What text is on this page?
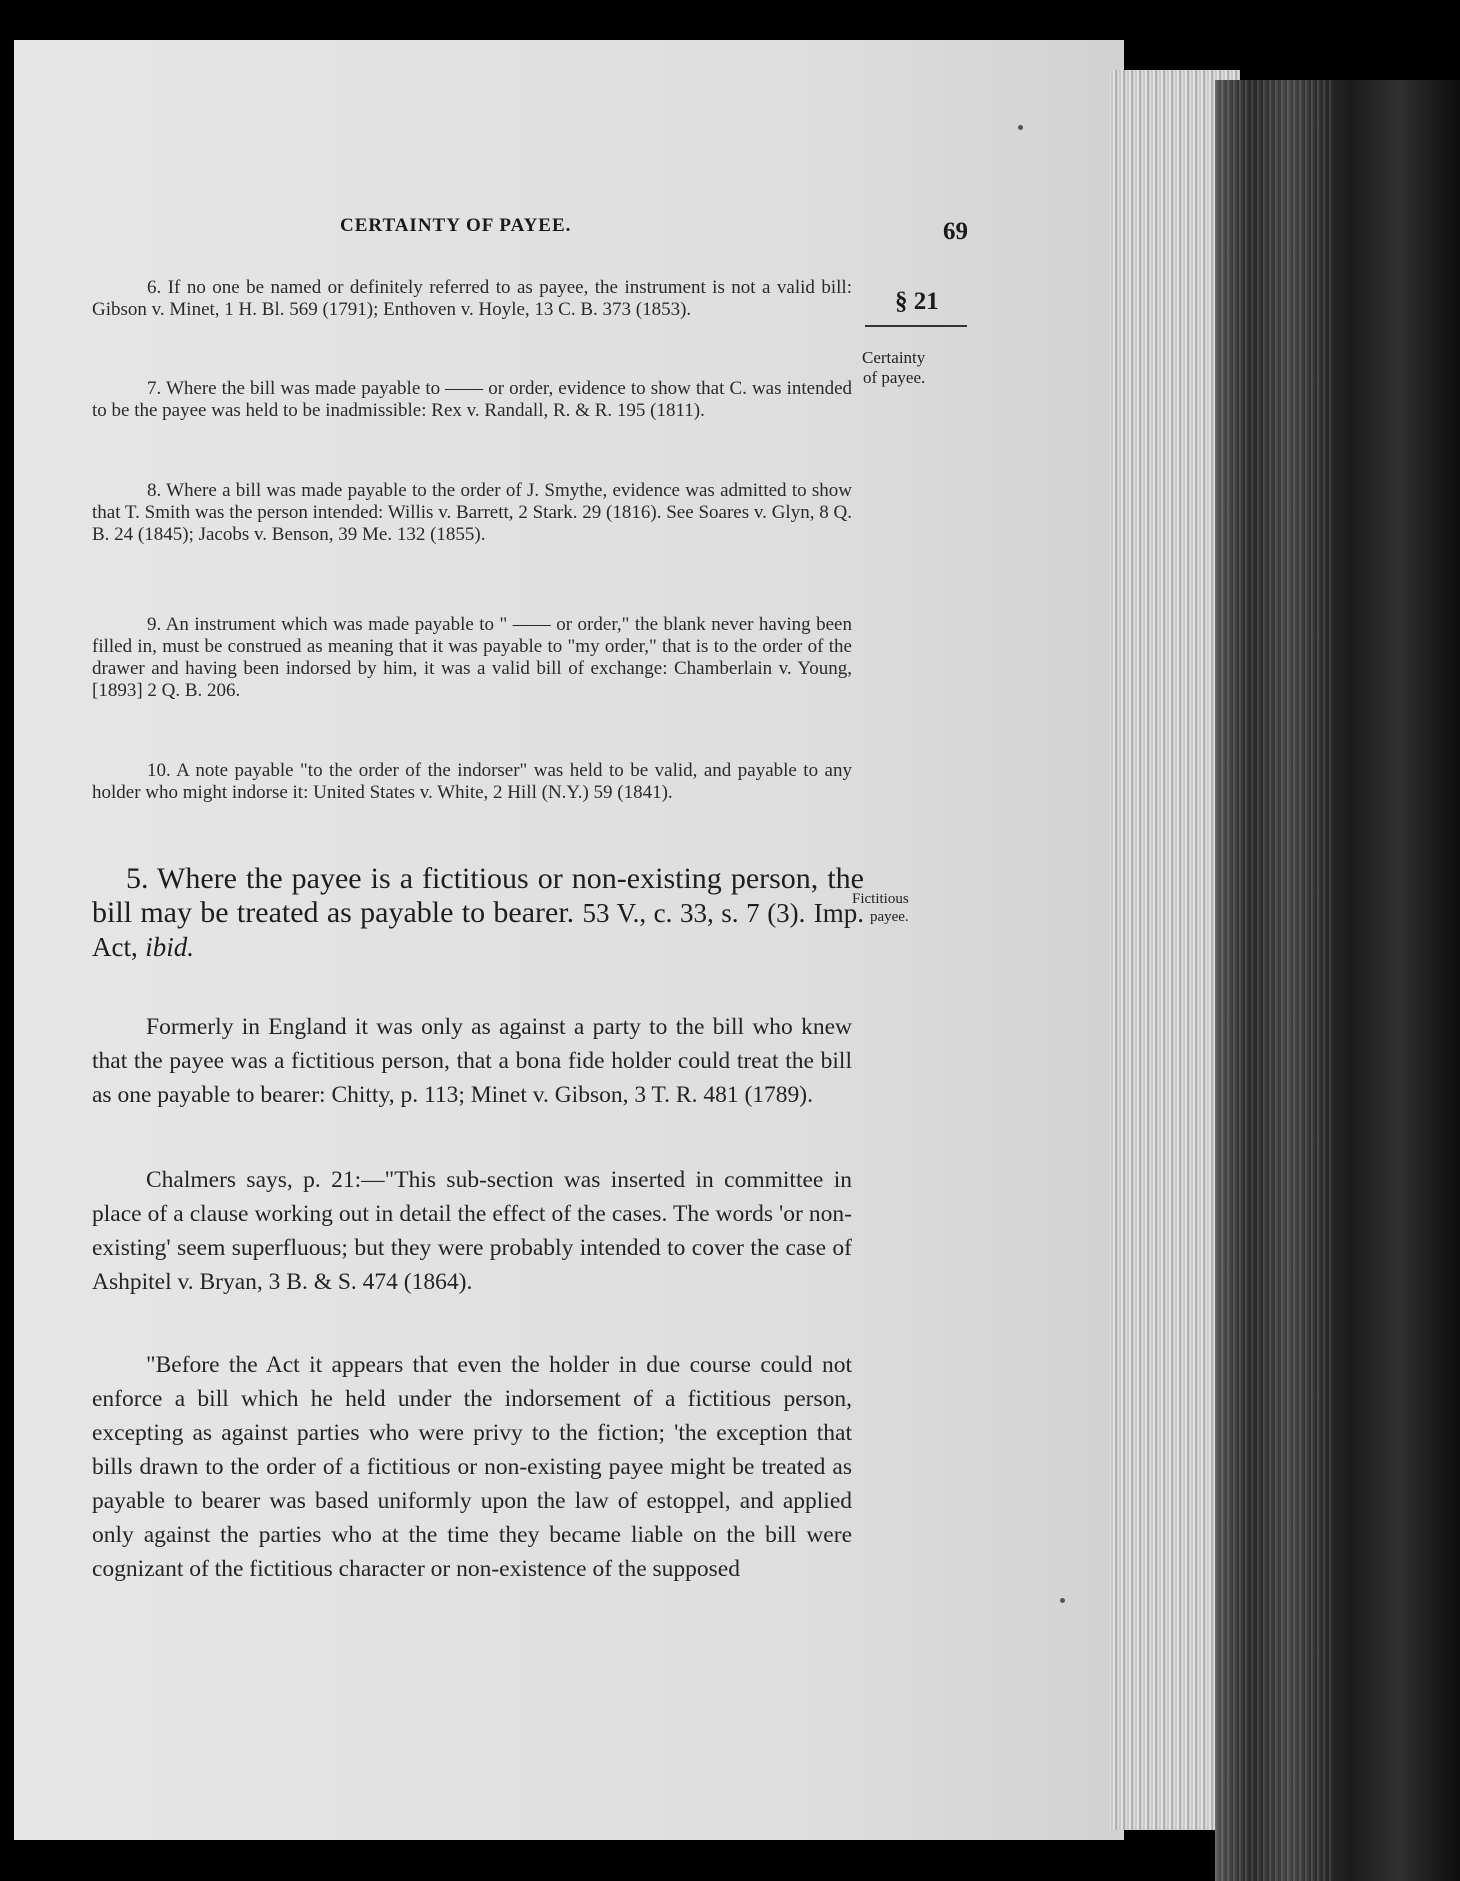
CERTAINTY OF PAYEE.	69
§ 21
Certainty
of payee.
6. If no one be named or definitely referred to as payee, the instrument is not a valid bill: Gibson v. Minet, 1 H. Bl. 569 (1791); Enthoven v. Hoyle, 13 C. B. 373 (1853).
7. Where the bill was made payable to —— or order, evidence to show that C. was intended to be the payee was held to be inadmissible: Rex v. Randall, R. & R. 195 (1811).
8. Where a bill was made payable to the order of J. Smythe, evidence was admitted to show that T. Smith was the person intended: Willis v. Barrett, 2 Stark. 29 (1816). See Soares v. Glyn, 8 Q. B. 24 (1845); Jacobs v. Benson, 39 Me. 132 (1855).
9. An instrument which was made payable to " —— or order," the blank never having been filled in, must be construed as meaning that it was payable to "my order," that is to the order of the drawer and having been indorsed by him, it was a valid bill of exchange: Chamberlain v. Young, [1893] 2 Q. B. 206.
10. A note payable "to the order of the indorser" was held to be valid, and payable to any holder who might indorse it: United States v. White, 2 Hill (N.Y.) 59 (1841).
5. Where the payee is a fictitious or non-existing person, the bill may be treated as payable to bearer. 53 V., c. 33, s. 7 (3). Imp. Act, ibid.
Fictitious
payee.
Formerly in England it was only as against a party to the bill who knew that the payee was a fictitious person, that a bona fide holder could treat the bill as one payable to bearer: Chitty, p. 113; Minet v. Gibson, 3 T. R. 481 (1789).
Chalmers says, p. 21:—"This sub-section was inserted in committee in place of a clause working out in detail the effect of the cases. The words 'or non-existing' seem superfluous; but they were probably intended to cover the case of Ashpitel v. Bryan, 3 B. & S. 474 (1864).
"Before the Act it appears that even the holder in due course could not enforce a bill which he held under the indorsement of a fictitious person, excepting as against parties who were privy to the fiction; 'the exception that bills drawn to the order of a fictitious or non-existing payee might be treated as payable to bearer was based uniformly upon the law of estoppel, and applied only against the parties who at the time they became liable on the bill were cognizant of the fictitious character or non-existence of the supposed
